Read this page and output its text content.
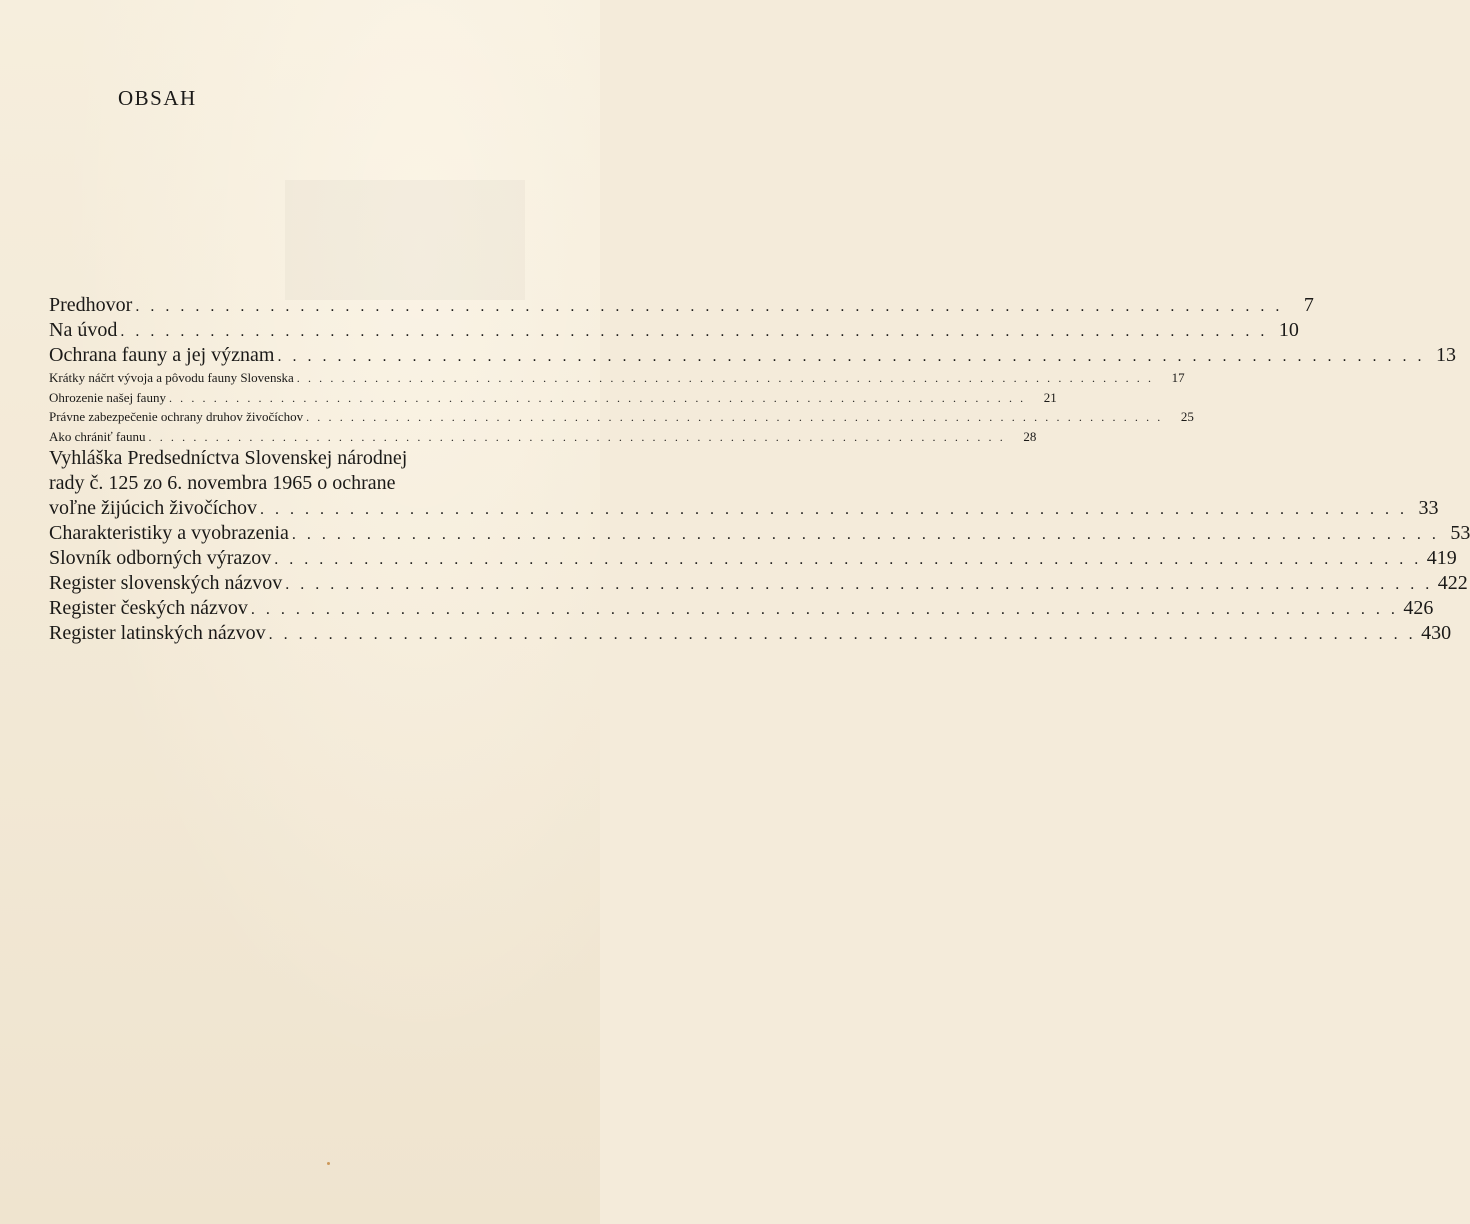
OBSAH
Predhovor . . .	7
Na úvod . . .	10
Ochrana fauny a jej význam . . .	13
Krátky náčrt vývoja a pôvodu fauny Slovenska . . .	17
Ohrozenie našej fauny . . .	21
Právne zabezpečenie ochrany druhov živočíchov . . .	25
Ako chrániť faunu . . .	28
Vyhláška Predsedníctva Slovenskej národnej
rady č. 125 zo 6. novembra 1965 o ochrane
voľne žijúcich živočíchov . . .	33
Charakteristiky a vyobrazenia . . .	53
Slovník odborných výrazov . . .	419
Register slovenských názvov . . .	422
Register českých názvov . . .	426
Register latinských názvov . . .	430
